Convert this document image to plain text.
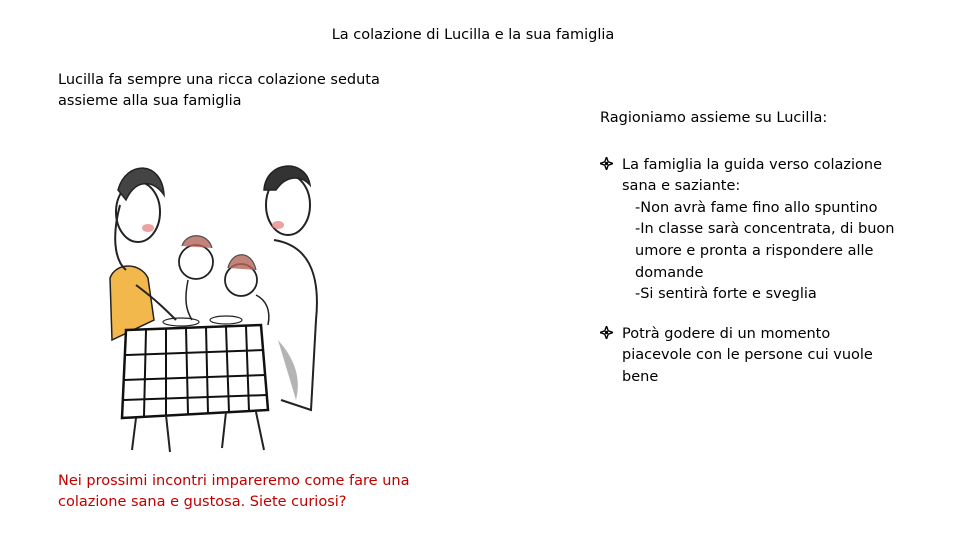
La colazione di Lucilla e la sua famiglia
Lucilla fa sempre una ricca colazione seduta assieme alla sua famiglia
Ragioniamo assieme su Lucilla:
La famiglia la guida verso colazione sana e saziante:
-Non avrà fame fino allo spuntino
-In classe sarà concentrata, di buon umore e pronta a rispondere alle domande
-Si sentirà forte e sveglia
Potrà godere di un momento piacevole con le persone cui vuole bene
Nei prossimi incontri impareremo come fare una colazione sana e gustosa. Siete curiosi?
